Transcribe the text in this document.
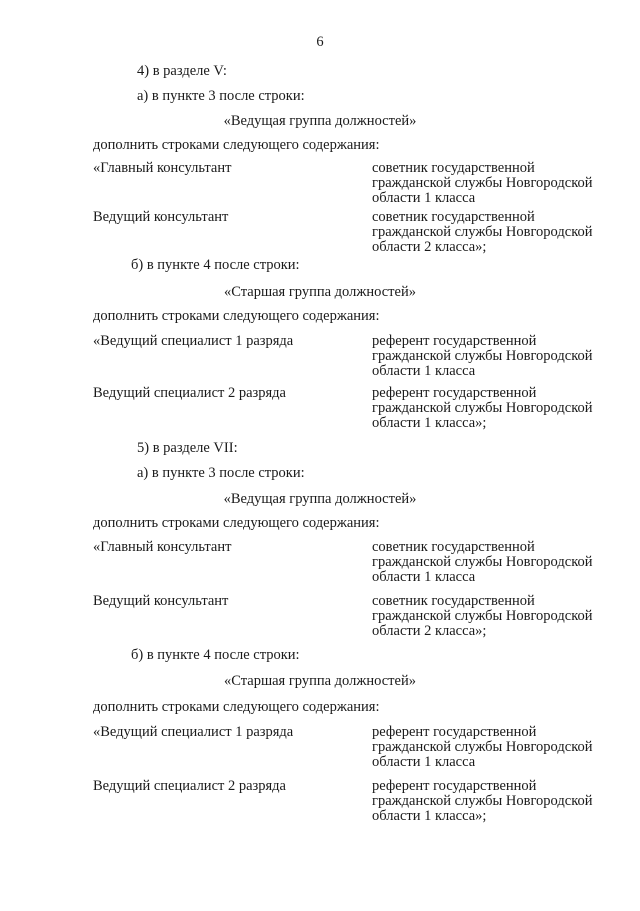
6
4) в разделе V:
а) в пункте 3 после строки:
«Ведущая группа должностей»
дополнить строками следующего содержания:
«Главный консультант	советник государственной
гражданской службы Новгородской
области 1 класса
Ведущий консультант	советник государственной
гражданской службы Новгородской
области 2 класса»;
б) в пункте 4 после строки:
«Старшая группа должностей»
дополнить строками следующего содержания:
«Ведущий специалист 1 разряда	референт государственной
гражданской службы Новгородской
области 1 класса
Ведущий специалист 2 разряда	референт государственной
гражданской службы Новгородской
области 1 класса»;
5) в разделе VII:
а) в пункте 3 после строки:
«Ведущая группа должностей»
дополнить строками следующего содержания:
«Главный консультант	советник государственной
гражданской службы Новгородской
области 1 класса
Ведущий консультант	советник государственной
гражданской службы Новгородской
области 2 класса»;
б) в пункте 4 после строки:
«Старшая группа должностей»
дополнить строками следующего содержания:
«Ведущий специалист 1 разряда	референт государственной
гражданской службы Новгородской
области 1 класса
Ведущий специалист 2 разряда	референт государственной
гражданской службы Новгородской
области 1 класса»;
